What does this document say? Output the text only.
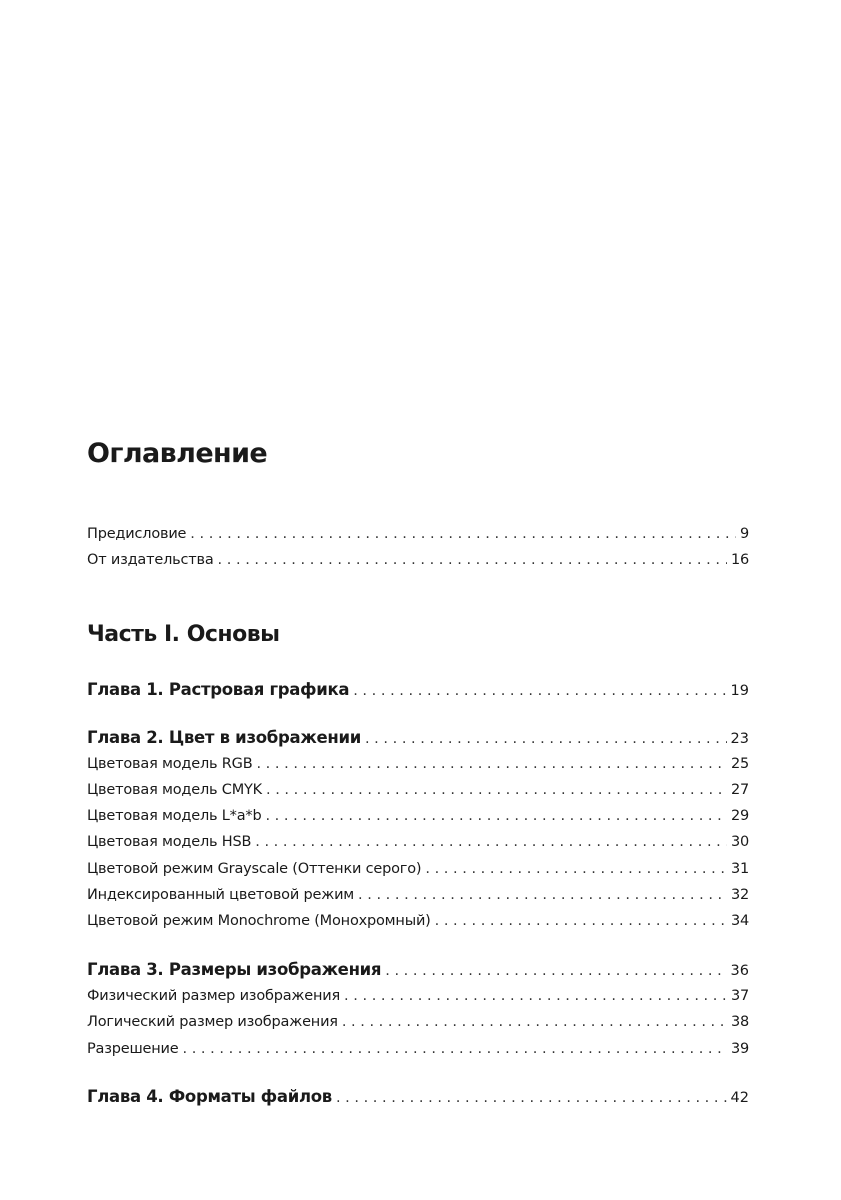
Оглавление
Предисловие . . .	9
От издательства . . .	16
Часть I. Основы
Глава 1. Растровая графика . . .	19
Глава 2. Цвет в изображении . . .	23
Цветовая модель RGB . . .	25
Цветовая модель CMYK . . .	27
Цветовая модель L*a*b . . .	29
Цветовая модель HSB . . .	30
Цветовой режим Grayscale (Оттенки серого) . . .	31
Индексированный цветовой режим . . .	32
Цветовой режим Monochrome (Монохромный) . . .	34
Глава 3. Размеры изображения . . .	36
Физический размер изображения . . .	37
Логический размер изображения . . .	38
Разрешение . . .	39
Глава 4. Форматы файлов . . .	42
